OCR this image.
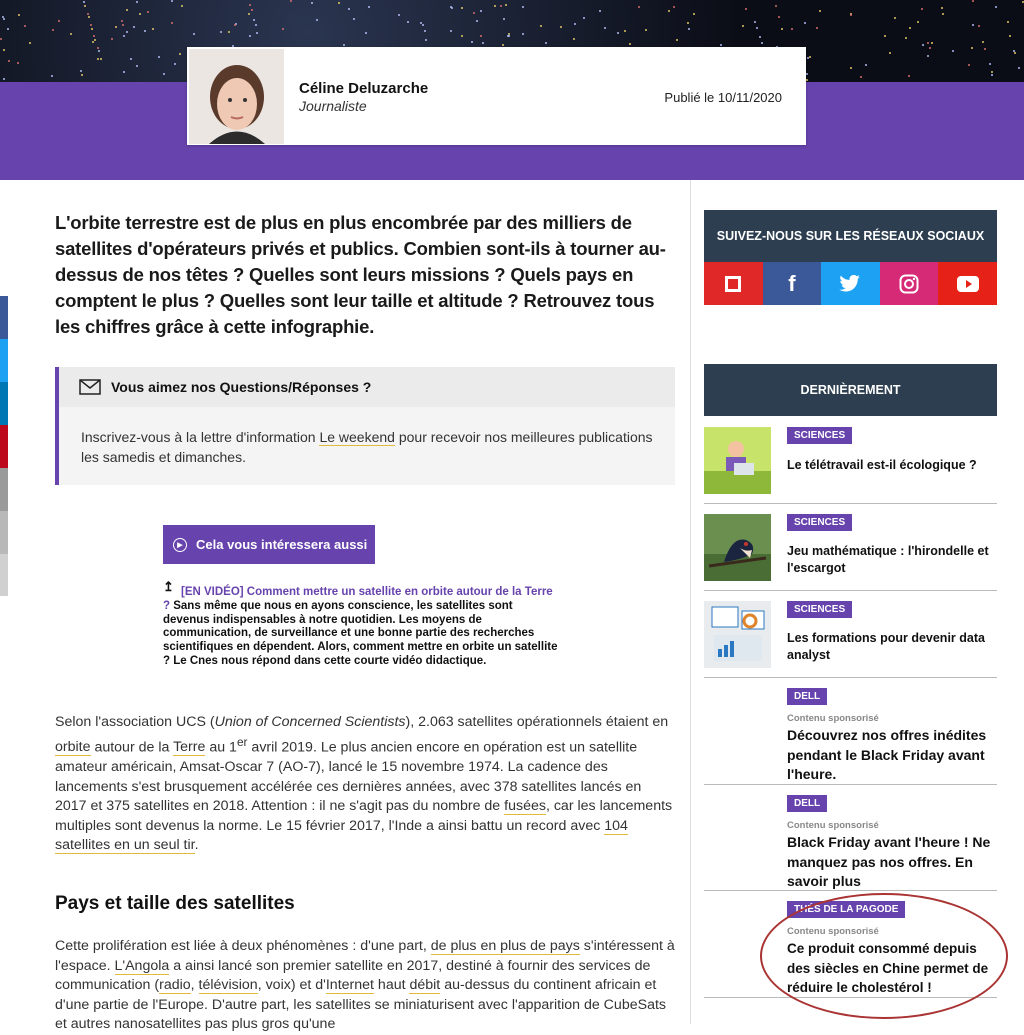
Céline Deluzarche
Journaliste
Publié le 10/11/2020
L'orbite terrestre est de plus en plus encombrée par des milliers de satellites d'opérateurs privés et publics. Combien sont-ils à tourner au-dessus de nos têtes ? Quelles sont leurs missions ? Quels pays en comptent le plus ? Quelles sont leur taille et altitude ? Retrouvez tous les chiffres grâce à cette infographie.
Vous aimez nos Questions/Réponses ?
Inscrivez-vous à la lettre d'information Le weekend pour recevoir nos meilleures publications les samedis et dimanches.
▶	Cela vous intéressera aussi
↥ [EN VIDÉO] Comment mettre un satellite en orbite autour de la Terre ? Sans même que nous en ayons conscience, les satellites sont devenus indispensables à notre quotidien. Les moyens de communication, de surveillance et une bonne partie des recherches scientifiques en dépendent. Alors, comment mettre en orbite un satellite ? Le Cnes nous répond dans cette courte vidéo didactique.
Selon l'association UCS (Union of Concerned Scientists), 2.063 satellites opérationnels étaient en orbite autour de la Terre au 1er avril 2019. Le plus ancien encore en opération est un satellite amateur américain, Amsat-Oscar 7 (AO-7), lancé le 15 novembre 1974. La cadence des lancements s'est brusquement accélérée ces dernières années, avec 378 satellites lancés en 2017 et 375 satellites en 2018. Attention : il ne s'agit pas du nombre de fusées, car les lancements multiples sont devenus la norme. Le 15 février 2017, l'Inde a ainsi battu un record avec 104 satellites en un seul tir.
Pays et taille des satellites
Cette prolifération est liée à deux phénomènes : d'une part, de plus en plus de pays s'intéressent à l'espace. L'Angola a ainsi lancé son premier satellite en 2017, destiné à fournir des services de communication (radio, télévision, voix) et d'Internet haut débit au-dessus du continent africain et d'une partie de l'Europe. D'autre part, les satellites se miniaturisent avec l'apparition de CubeSats et autres nanosatellites pas plus gros qu'une
SUIVEZ-NOUS SUR LES RÉSEAUX SOCIAUX
f
DERNIÈREMENT
SCIENCES
Le télétravail est-il écologique ?
SCIENCES
Jeu mathématique : l'hirondelle et l'escargot
SCIENCES
Les formations pour devenir data analyst
DELL
Contenu sponsorisé
Découvrez nos offres inédites pendant le Black Friday avant l'heure.
DELL
Contenu sponsorisé
Black Friday avant l'heure ! Ne manquez pas nos offres. En savoir plus
THÉS DE LA PAGODE
Contenu sponsorisé
Ce produit consommé depuis des siècles en Chine permet de réduire le cholestérol !
